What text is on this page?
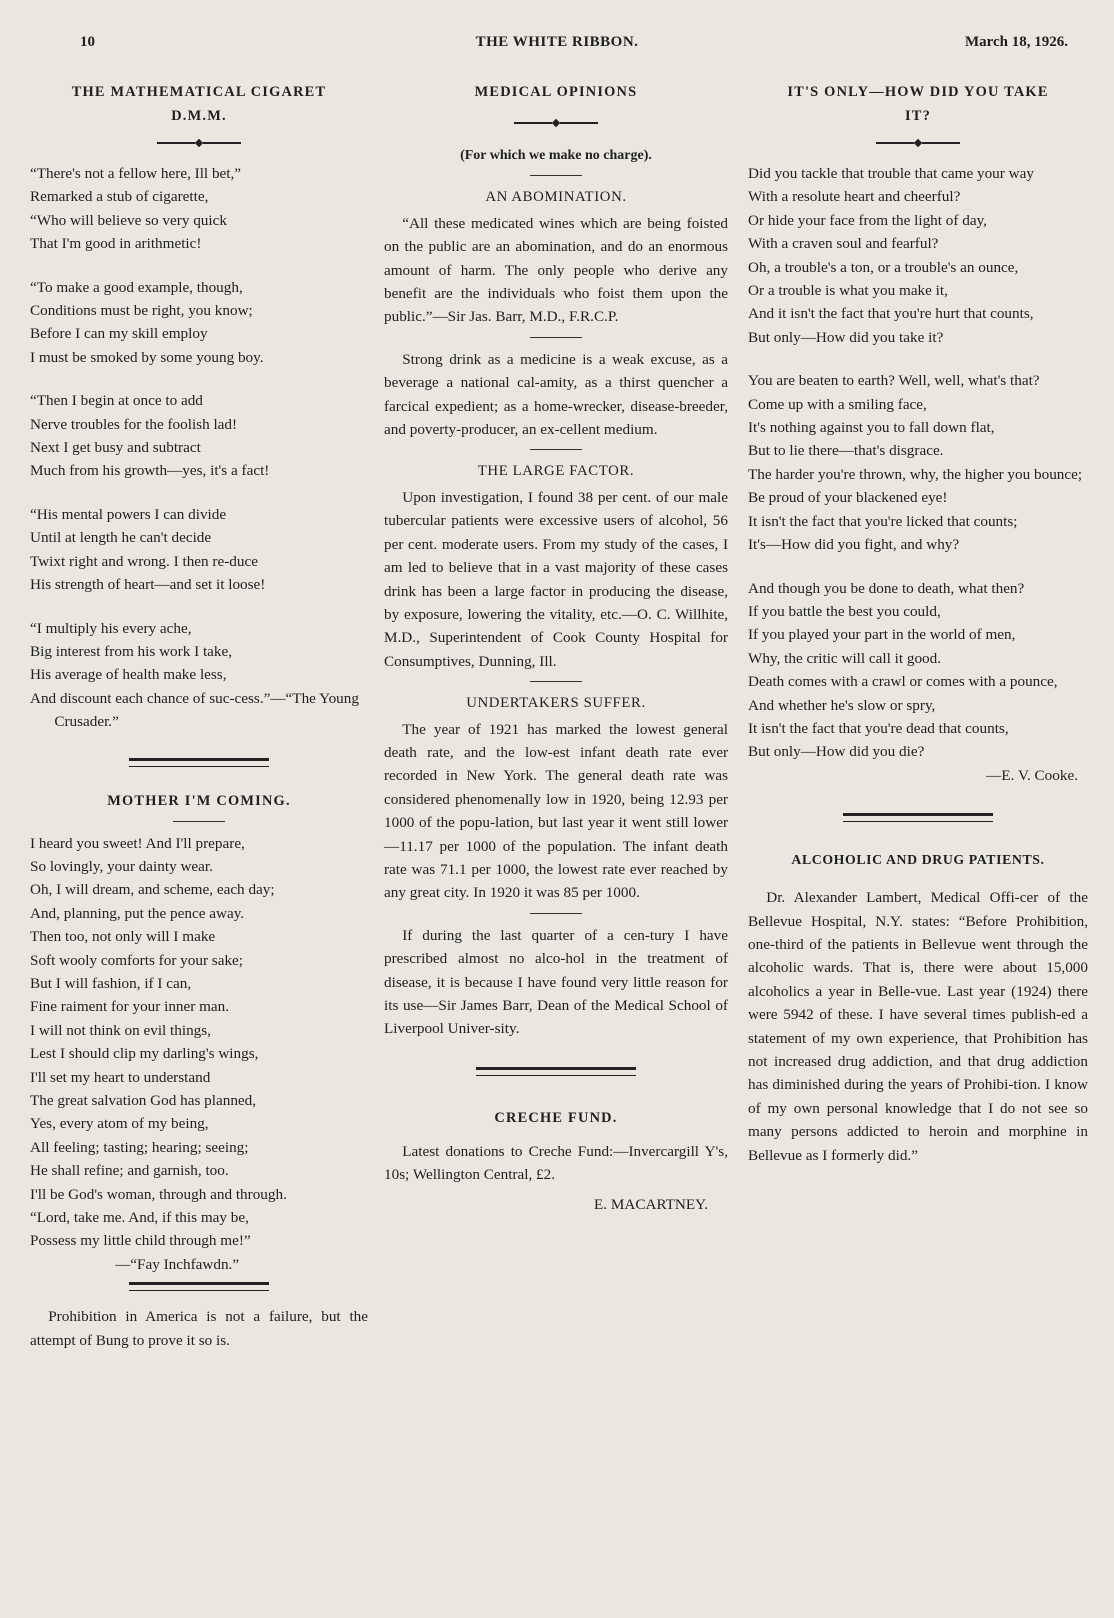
10	THE WHITE RIBBON.	March 18, 1926.
THE MATHEMATICAL CIGARET
D.M.M.

“There's not a fellow here, Ill bet,”

Remarked a stub of cigarette,

“Who will believe so very quick

That I'm good in arithmetic!

“To make a good example, though,

Conditions must be right, you know;

Before I can my skill employ

I must be smoked by some young boy.

“Then I begin at once to add

Nerve troubles for the foolish lad!

Next I get busy and subtract

Much from his growth—yes, it's a fact!

“His mental powers I can divide

Until at length he can't decide

Twixt right and wrong. I then re-duce

His strength of heart—and set it loose!

“I multiply his every ache,

Big interest from his work I take,

His average of health make less,

And discount each chance of suc-cess.”—“The Young Crusader.”

MOTHER I'M COMING.

I heard you sweet! And I'll prepare,

So lovingly, your dainty wear.

Oh, I will dream, and scheme, each day;

And, planning, put the pence away.

Then too, not only will I make

Soft wooly comforts for your sake;

But I will fashion, if I can,

Fine raiment for your inner man.

I will not think on evil things,

Lest I should clip my darling's wings,

I'll set my heart to understand

The great salvation God has planned,

Yes, every atom of my being,

All feeling; tasting; hearing; seeing;

He shall refine; and garnish, too.

I'll be God's woman, through and through.

“Lord, take me. And, if this may be,

Possess my little child through me!”

—“Fay Inchfawdn.”

Prohibition in America is not a failure, but the attempt of Bung to prove it so is.

MEDICAL OPINIONS

(For which we make no charge).

AN ABOMINATION.

“All these medicated wines which are being foisted on the public are an abomination, and do an enormous amount of harm. The only people who derive any benefit are the individuals who foist them upon the public.”—Sir Jas. Barr, M.D., F.R.C.P.

Strong drink as a medicine is a weak excuse, as a beverage a national cal-amity, as a thirst quencher a farcical expedient; as a home-wrecker, disease-breeder, and poverty-producer, an ex-cellent medium.

THE LARGE FACTOR.

Upon investigation, I found 38 per cent. of our male tubercular patients were excessive users of alcohol, 56 per cent. moderate users. From my study of the cases, I am led to believe that in a vast majority of these cases drink has been a large factor in producing the disease, by exposure, lowering the vitality, etc.—O. C. Willhite, M.D., Superintendent of Cook County Hospital for Consumptives, Dunning, Ill.

UNDERTAKERS SUFFER.

The year of 1921 has marked the lowest general death rate, and the low-est infant death rate ever recorded in New York. The general death rate was considered phenomenally low in 1920, being 12.93 per 1000 of the popu-lation, but last year it went still lower—11.17 per 1000 of the population. The infant death rate was 71.1 per 1000, the lowest rate ever reached by any great city. In 1920 it was 85 per 1000.

If during the last quarter of a cen-tury I have prescribed almost no alco-hol in the treatment of disease, it is because I have found very little reason for its use—Sir James Barr, Dean of the Medical School of Liverpool Univer-sity.

CRECHE FUND.

Latest donations to Creche Fund:—Invercargill Y's, 10s; Wellington Central, £2.

E. MACARTNEY.

IT'S ONLY—HOW DID YOU TAKE
IT?

Did you tackle that trouble that came your way

With a resolute heart and cheerful?

Or hide your face from the light of day,

With a craven soul and fearful?

Oh, a trouble's a ton, or a trouble's an ounce,

Or a trouble is what you make it,

And it isn't the fact that you're hurt that counts,

But only—How did you take it?

You are beaten to earth? Well, well, what's that?

Come up with a smiling face,

It's nothing against you to fall down flat,

But to lie there—that's disgrace.

The harder you're thrown, why, the higher you bounce;

Be proud of your blackened eye!

It isn't the fact that you're licked that counts;

It's—How did you fight, and why?

And though you be done to death, what then?

If you battle the best you could,

If you played your part in the world of men,

Why, the critic will call it good.

Death comes with a crawl or comes with a pounce,

And whether he's slow or spry,

It isn't the fact that you're dead that counts,

But only—How did you die?

—E. V. Cooke.

ALCOHOLIC AND DRUG PATIENTS.

Dr. Alexander Lambert, Medical Offi-cer of the Bellevue Hospital, N.Y. states: “Before Prohibition, one-third of the patients in Bellevue went through the alcoholic wards. That is, there were about 15,000 alcoholics a year in Belle-vue. Last year (1924) there were 5942 of these. I have several times publish-ed a statement of my own experience, that Prohibition has not increased drug addiction, and that drug addiction has diminished during the years of Prohibi-tion. I know of my own personal knowledge that I do not see so many persons addicted to heroin and morphine in Bellevue as I formerly did.”
